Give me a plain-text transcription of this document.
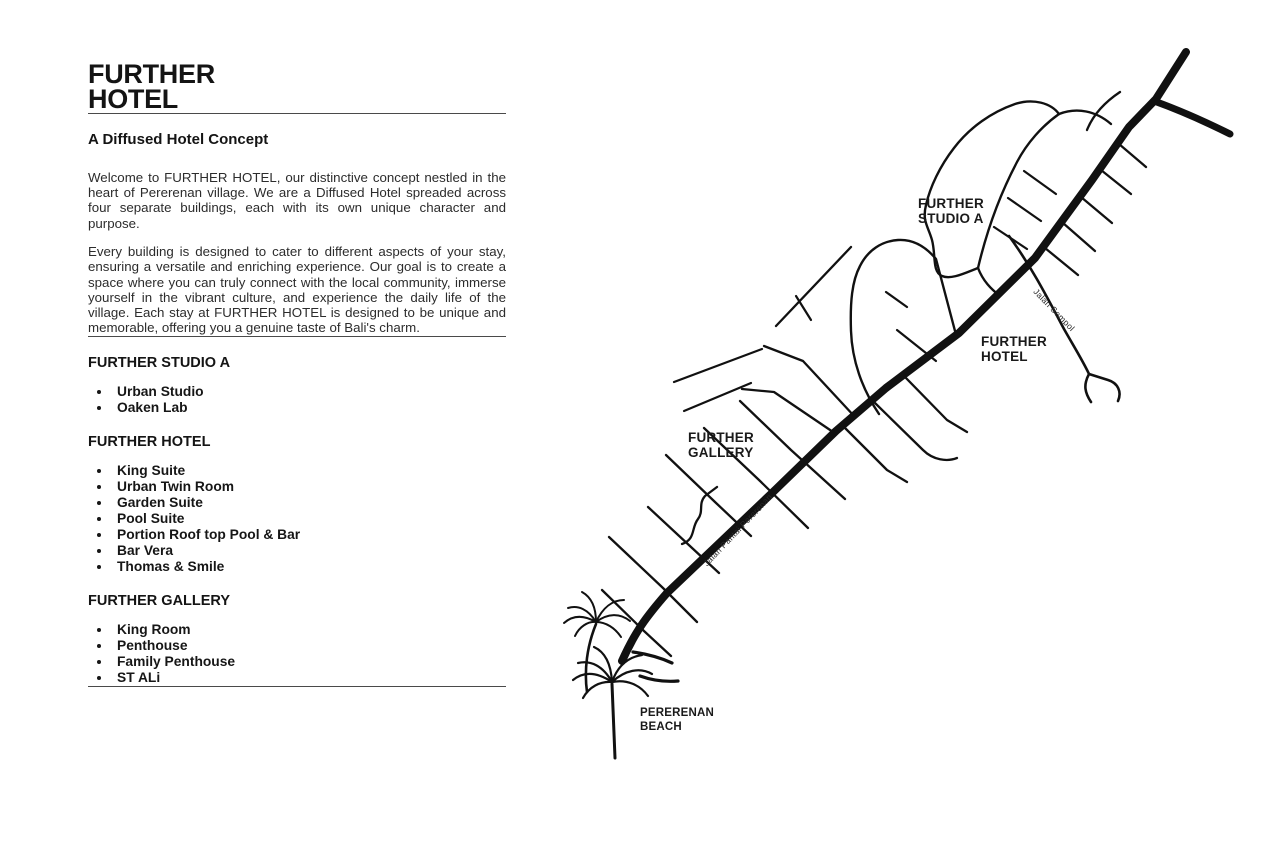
FURTHER
HOTEL
A Diffused Hotel Concept

Welcome to FURTHER HOTEL, our distinctive concept nestled in the heart of Pererenan village. We are a Diffused Hotel spreaded across four separate buildings, each with its own unique character and purpose.

Every building is designed to cater to different aspects of your stay, ensuring a versatile and enriching experience. Our goal is to create a space where you can truly connect with the local community, immerse yourself in the vibrant culture, and experience the daily life of the village. Each stay at FURTHER HOTEL is designed to be unique and memorable, offering you a genuine taste of Bali's charm.

FURTHER STUDIO A
• Urban Studio
• Oaken Lab
FURTHER HOTEL
• King Suite
• Urban Twin Room
• Garden Suite
• Pool Suite
• Portion Roof top Pool & Bar
• Bar Vera
• Thomas & Smile
FURTHER GALLERY
• King Room
• Penthouse
• Family Penthouse
• ST ALi
FURTHER
STUDIO A
FURTHER
HOTEL
FURTHER
GALLERY
PERERENAN
BEACH
Jalan Pantai Pererenan
Jalan Sempol
